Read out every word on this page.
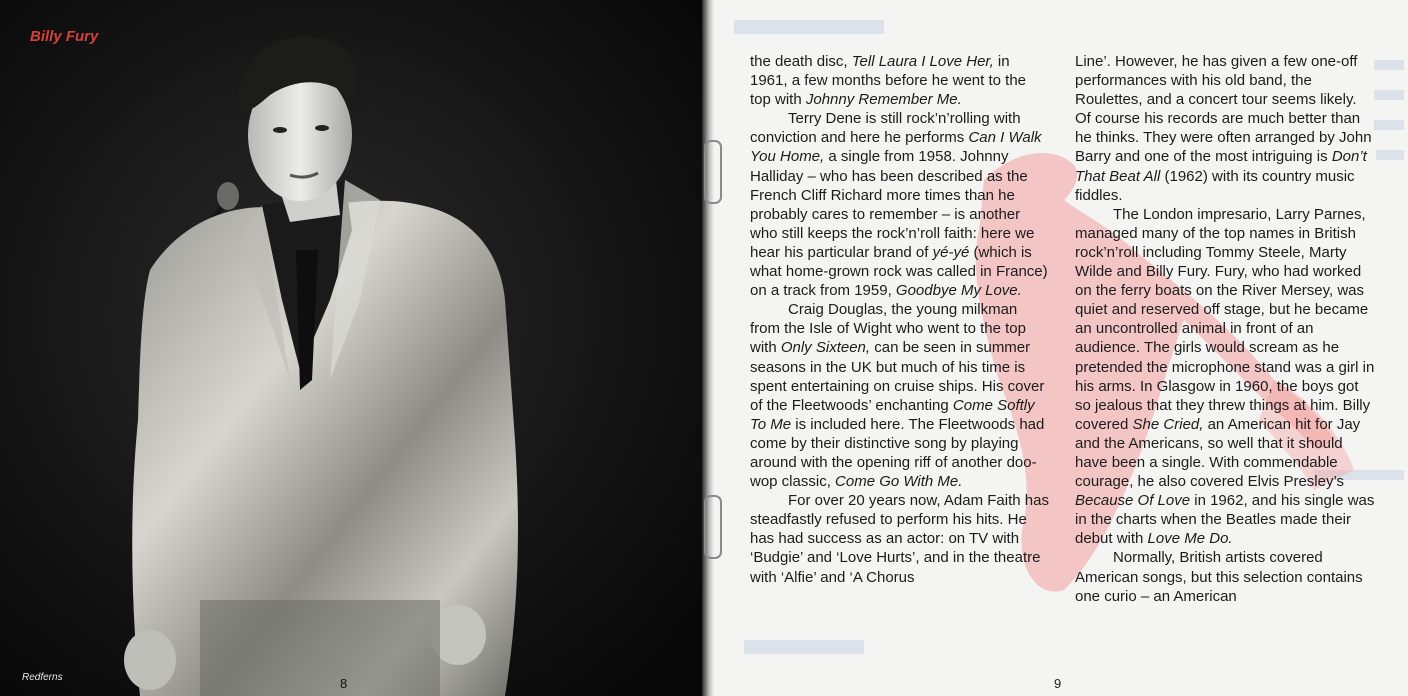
Billy Fury
Redferns	8

the death disc, Tell Laura I Love Her, in 1961, a few months before he went to the top with Johnny Remember Me.

Terry Dene is still rock’n’rolling with conviction and here he performs Can I Walk You Home, a single from 1958. Johnny Halliday – who has been described as the French Cliff Richard more times than he probably cares to remember – is another who still keeps the rock’n’roll faith: here we hear his particular brand of yé-yé (which is what home-grown rock was called in France) on a track from 1959, Goodbye My Love.

Craig Douglas, the young milkman from the Isle of Wight who went to the top with Only Sixteen, can be seen in summer seasons in the UK but much of his time is spent entertaining on cruise ships. His cover of the Fleetwoods’ enchanting Come Softly To Me is included here. The Fleetwoods had come by their distinctive song by playing around with the opening riff of another doo-wop classic, Come Go With Me.

For over 20 years now, Adam Faith has steadfastly refused to perform his hits. He has had success as an actor: on TV with ‘Budgie’ and ‘Love Hurts’, and in the theatre with ‘Alfie’ and ‘A Chorus

Line’. However, he has given a few one-off performances with his old band, the Roulettes, and a concert tour seems likely. Of course his records are much better than he thinks. They were often arranged by John Barry and one of the most intriguing is Don’t That Beat All (1962) with its country music fiddles.

The London impresario, Larry Parnes, managed many of the top names in British rock’n’roll including Tommy Steele, Marty Wilde and Billy Fury. Fury, who had worked on the ferry boats on the River Mersey, was quiet and reserved off stage, but he became an uncontrolled animal in front of an audience. The girls would scream as he pretended the microphone stand was a girl in his arms. In Glasgow in 1960, the boys got so jealous that they threw things at him. Billy covered She Cried, an American hit for Jay and the Americans, so well that it should have been a single. With commendable courage, he also covered Elvis Presley’s Because Of Love in 1962, and his single was in the charts when the Beatles made their debut with Love Me Do.

Normally, British artists covered American songs, but this selection contains one curio – an American

9
